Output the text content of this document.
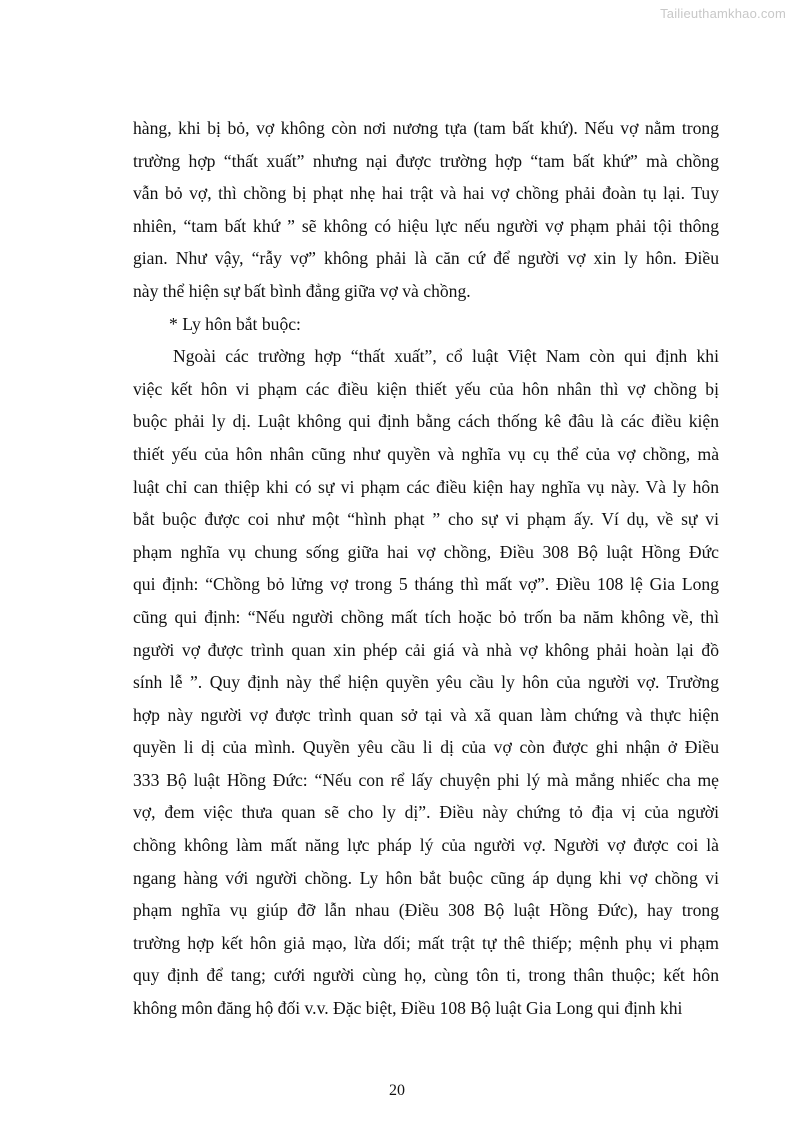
Tailieuthamkhao.com
hàng, khi bị bỏ, vợ không còn nơi nương tựa (tam bất khứ). Nếu vợ nằm trong
trường hợp “thất xuất” nhưng nại được trường hợp “tam bất khứ” mà chồng
vẫn bỏ vợ, thì chồng bị phạt nhẹ hai trật và hai vợ chồng phải đoàn tụ lại. Tuy
nhiên, “tam bất khứ ” sẽ không có hiệu lực nếu người vợ phạm phải tội thông
gian. Như vậy, “rẫy vợ” không phải là căn cứ để người vợ xin ly hôn. Điều
này thể hiện sự bất bình đẳng giữa vợ và chồng.

* Ly hôn bắt buộc:

Ngoài các trường hợp “thất xuất”, cổ luật Việt Nam còn qui định khi
việc kết hôn vi phạm các điều kiện thiết yếu của hôn nhân thì vợ chồng bị
buộc phải ly dị. Luật không qui định bằng cách thống kê đâu là các điều kiện
thiết yếu của hôn nhân cũng như quyền và nghĩa vụ cụ thể của vợ chồng, mà
luật chỉ can thiệp khi có sự vi phạm các điều kiện hay nghĩa vụ này. Và ly hôn
bắt buộc được coi như một “hình phạt ” cho sự vi phạm ấy. Ví dụ, về sự vi
phạm nghĩa vụ chung sống giữa hai vợ chồng, Điều 308 Bộ luật Hồng Đức
qui định: “Chồng bỏ lửng vợ trong 5 tháng thì mất vợ”. Điều 108 lệ Gia Long
cũng qui định: “Nếu người chồng mất tích hoặc bỏ trốn ba năm không về, thì
người vợ được trình quan xin phép cải giá và nhà vợ không phải hoàn lại đồ
sính lễ ”. Quy định này thể hiện quyền yêu cầu ly hôn của người vợ. Trường
hợp này người vợ được trình quan sở tại và xã quan làm chứng và thực hiện
quyền li dị của mình. Quyền yêu cầu li dị của vợ còn được ghi nhận ở Điều
333 Bộ luật Hồng Đức: “Nếu con rể lấy chuyện phi lý mà mắng nhiếc cha mẹ
vợ, đem việc thưa quan sẽ cho ly dị”. Điều này chứng tỏ địa vị của người
chồng không làm mất năng lực pháp lý của người vợ. Người vợ được coi là
ngang hàng với người chồng. Ly hôn bắt buộc cũng áp dụng khi vợ chồng vi
phạm nghĩa vụ giúp đỡ lẫn nhau (Điều 308 Bộ luật Hồng Đức), hay trong
trường hợp kết hôn giả mạo, lừa dối; mất trật tự thê thiếp; mệnh phụ vi phạm
quy định để tang; cưới người cùng họ, cùng tôn ti, trong thân thuộc; kết hôn
không môn đăng hộ đối v.v. Đặc biệt, Điều 108 Bộ luật Gia Long qui định khi
20
